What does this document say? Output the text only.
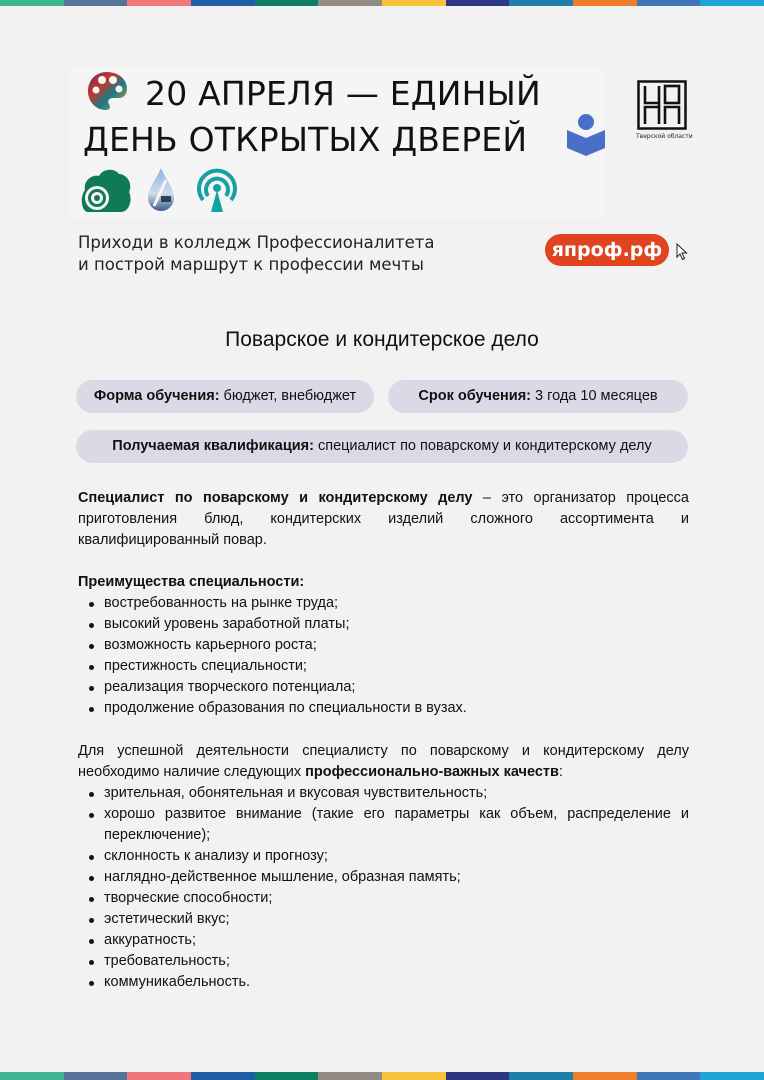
20 АПРЕЛЯ — ЕДИНЫЙ
ДЕНЬ ОТКРЫТЫХ ДВЕРЕЙ	Тверской области
Приходи в колледж Профессионалитета
и построй маршрут к профессии мечты
япроф.рф
Поварское и кондитерское дело
Форма обучения: бюджет, внебюджет	Срок обучения: 3 года 10 месяцев
Получаемая квалификация: специалист по поварскому и кондитерскому делу
Специалист по поварскому и кондитерскому делу – это организатор процесса приготовления блюд, кондитерских изделий сложного ассортимента и квалифицированный повар.
Преимущества специальности:
востребованность на рынке труда;
высокий уровень заработной платы;
возможность карьерного роста;
престижность специальности;
реализация творческого потенциала;
продолжение образования по специальности в вузах.
Для успешной деятельности специалисту по поварскому и кондитерскому делу необходимо наличие следующих профессионально-важных качеств:
зрительная, обонятельная и вкусовая чувствительность;
хорошо развитое внимание (такие его параметры как объем, распределение и переключение);
склонность к анализу и прогнозу;
наглядно-действенное мышление, образная память;
творческие способности;
эстетический вкус;
аккуратность;
требовательность;
коммуникабельность.
